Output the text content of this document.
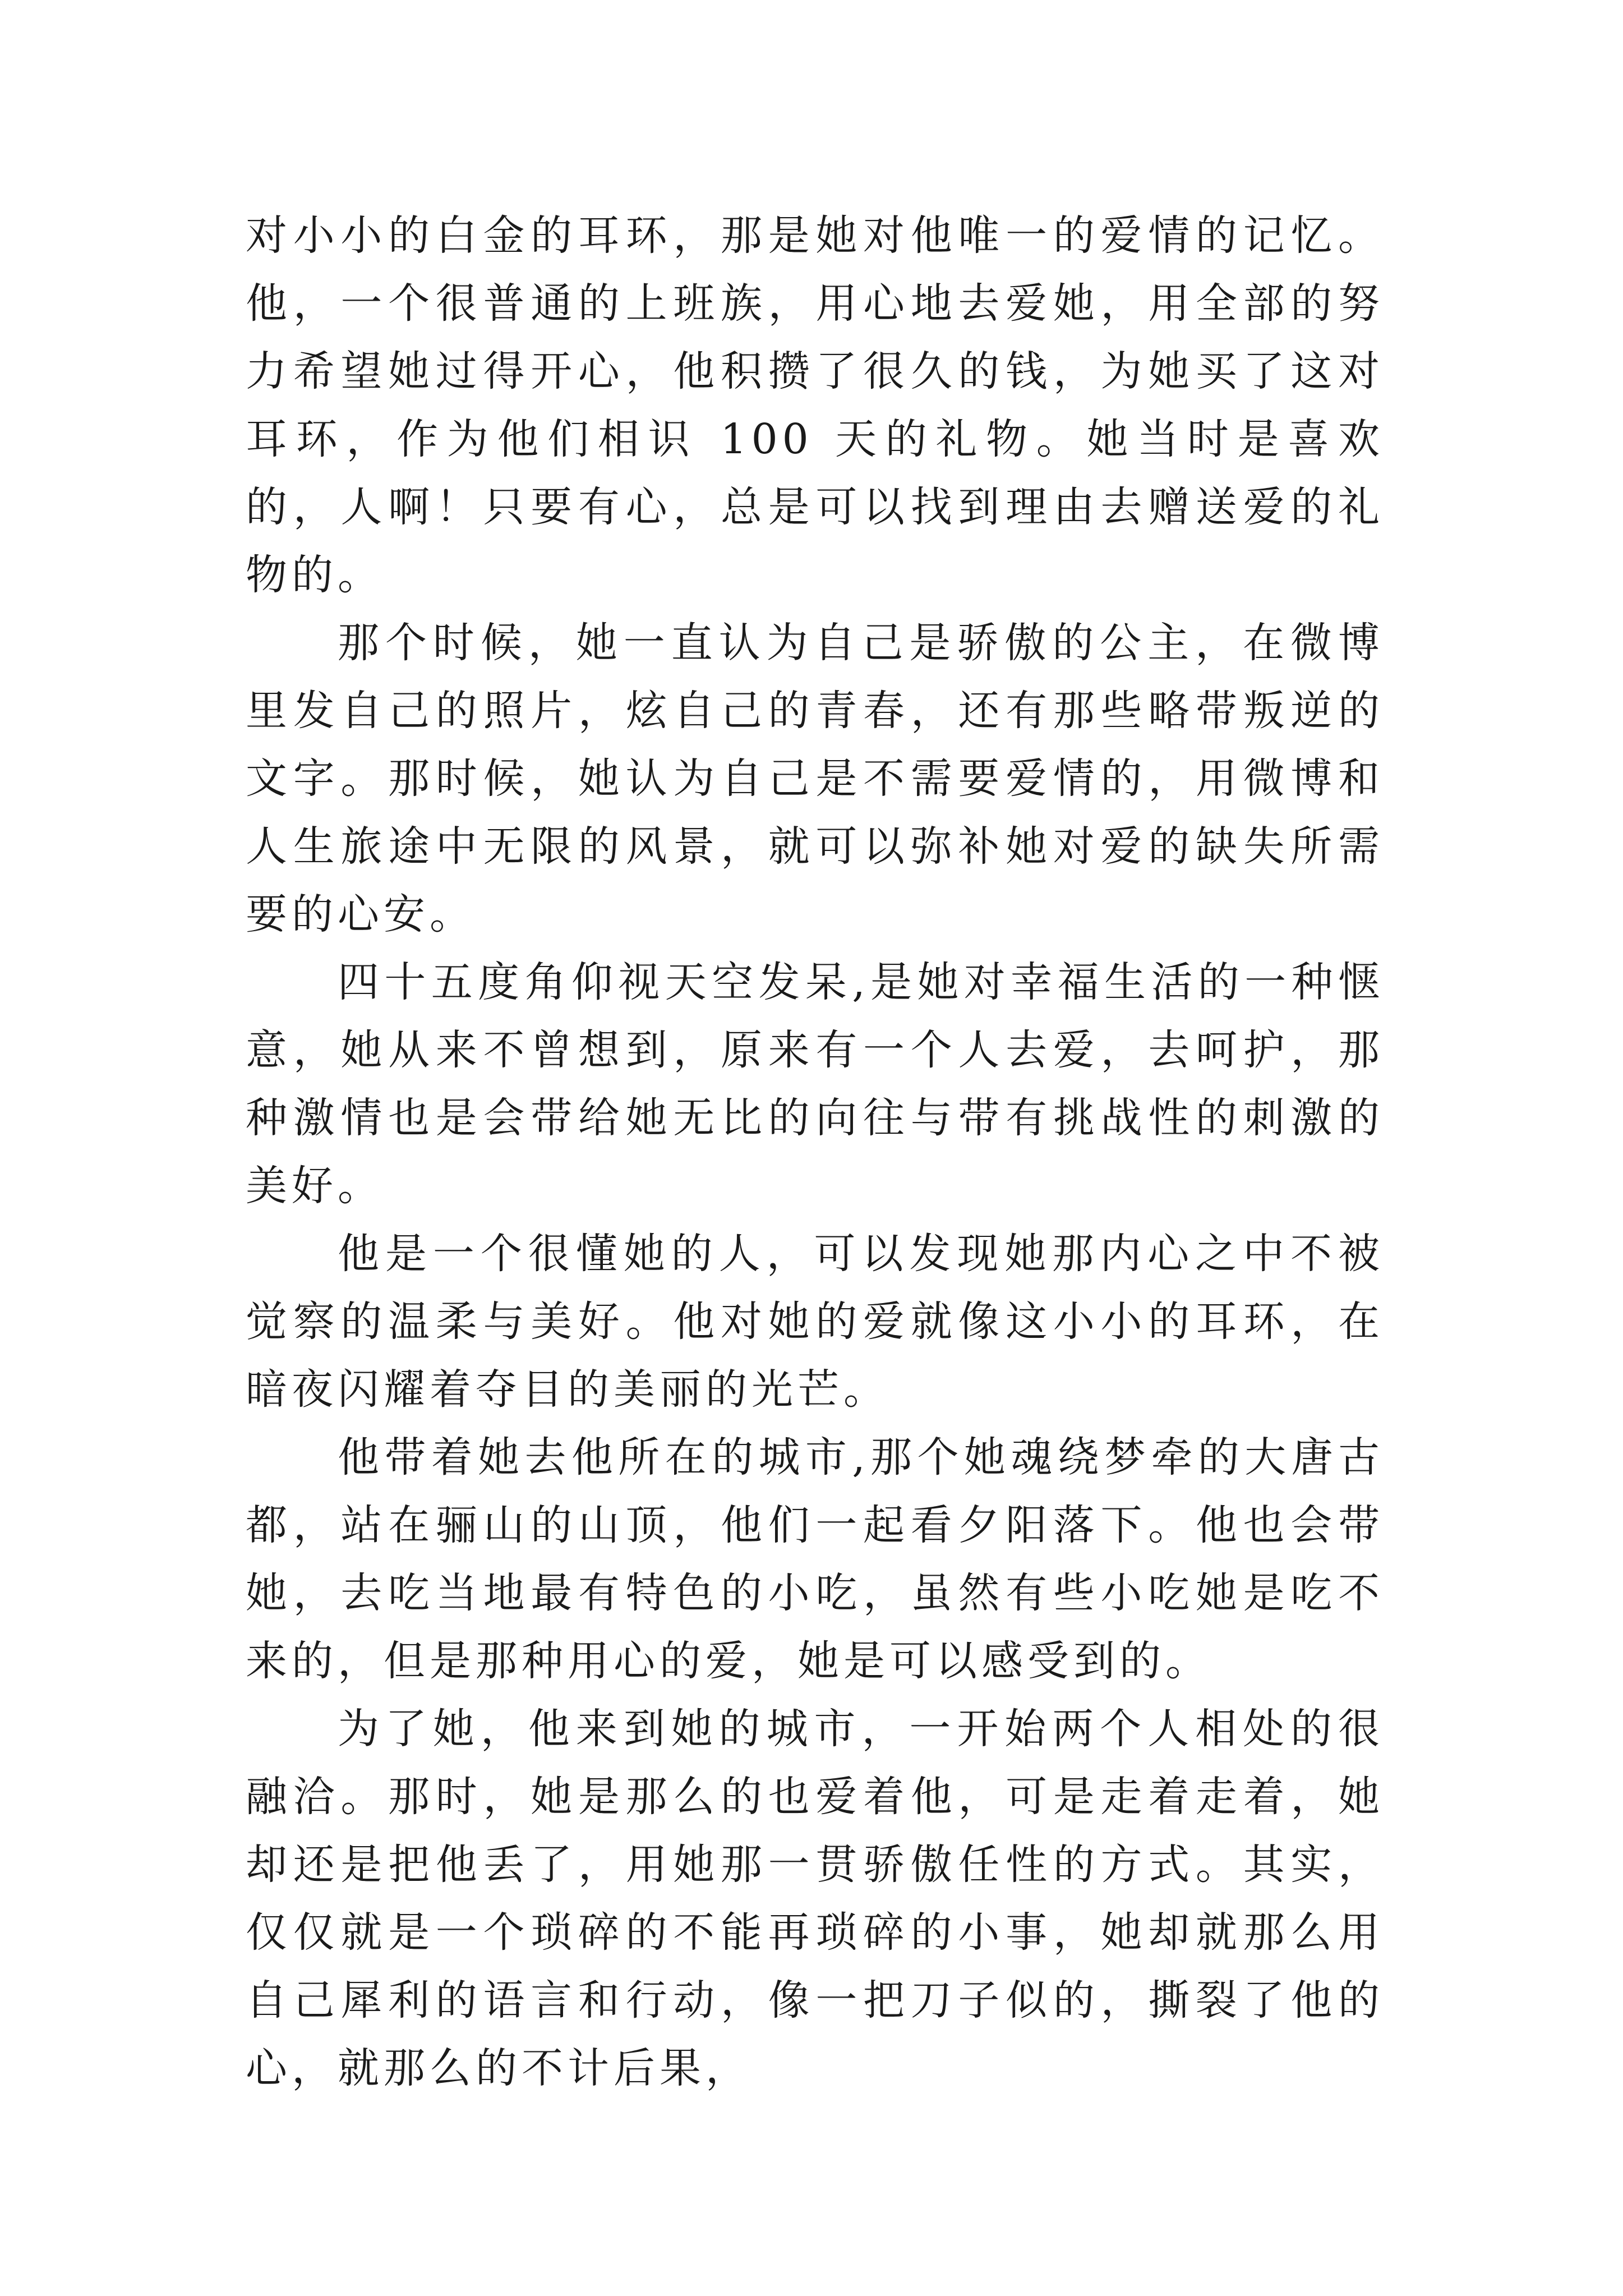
对小小的白金的耳环，那是她对他唯一的爱情的记忆。他，一个很普通的上班族，用心地去爱她，用全部的努力希望她过得开心，他积攒了很久的钱，为她买了这对耳环，作为他们相识 100 天的礼物。她当时是喜欢的，人啊！只要有心，总是可以找到理由去赠送爱的礼物的。

那个时候，她一直认为自己是骄傲的公主，在微博里发自己的照片，炫自己的青春，还有那些略带叛逆的文字。那时候，她认为自己是不需要爱情的，用微博和人生旅途中无限的风景，就可以弥补她对爱的缺失所需要的心安。

四十五度角仰视天空发呆,是她对幸福生活的一种惬意，她从来不曾想到，原来有一个人去爱，去呵护，那种激情也是会带给她无比的向往与带有挑战性的刺激的美好。

他是一个很懂她的人，可以发现她那内心之中不被觉察的温柔与美好。他对她的爱就像这小小的耳环，在暗夜闪耀着夺目的美丽的光芒。

他带着她去他所在的城市,那个她魂绕梦牵的大唐古都，站在骊山的山顶，他们一起看夕阳落下。他也会带她，去吃当地最有特色的小吃，虽然有些小吃她是吃不来的，但是那种用心的爱，她是可以感受到的。

为了她，他来到她的城市，一开始两个人相处的很融洽。那时，她是那么的也爱着他，可是走着走着，她却还是把他丢了，用她那一贯骄傲任性的方式。其实，仅仅就是一个琐碎的不能再琐碎的小事，她却就那么用自己犀利的语言和行动，像一把刀子似的，撕裂了他的心，就那么的不计后果，
